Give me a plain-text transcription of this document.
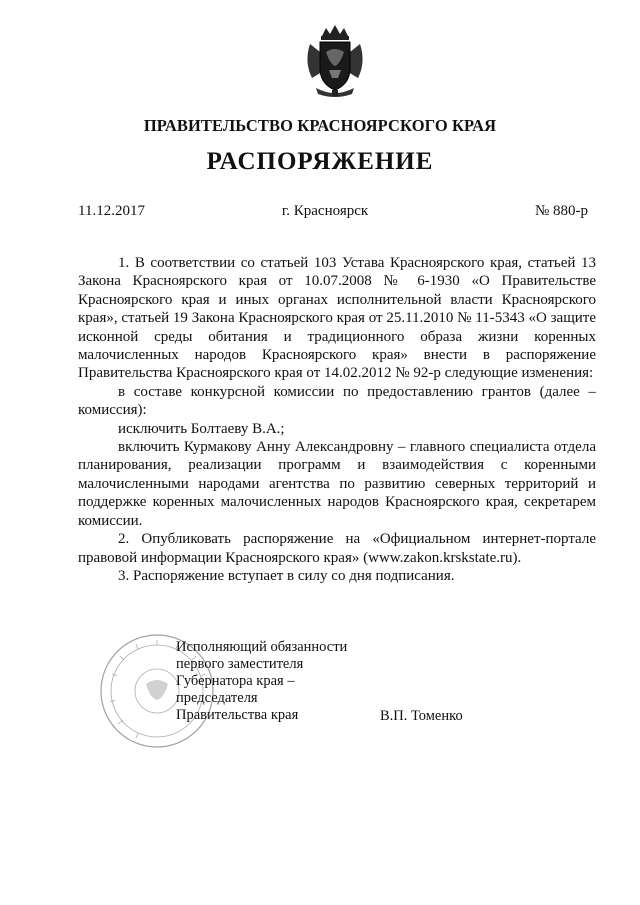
ПРАВИТЕЛЬСТВО КРАСНОЯРСКОГО КРАЯ
РАСПОРЯЖЕНИЕ
11.12.2017	г. Красноярск	№ 880-р

1. В соответствии со статьей 103 Устава Красноярского края, статьей 13 Закона Красноярского края от 10.07.2008 № 6-1930 «О Правительстве Красноярского края и иных органах исполнительной власти Красноярского края», статьей 19 Закона Красноярского края от 25.11.2010 № 11-5343 «О защите исконной среды обитания и традиционного образа жизни коренных малочисленных народов Красноярского края» внести в распоряжение Правительства Красноярского края от 14.02.2012 № 92-р следующие изменения:

в составе конкурсной комиссии по предоставлению грантов (далее – комиссия):

исключить Болтаеву В.А.;

включить Курмакову Анну Александровну – главного специалиста отдела планирования, реализации программ и взаимодействия с коренными малочисленными народами агентства по развитию северных территорий и поддержке коренных малочисленных народов Красноярского края, секретарем комиссии.

2. Опубликовать распоряжение на «Официальном интернет-портале правовой информации Красноярского края» (www.zakon.krskstate.ru).

3. Распоряжение вступает в силу со дня подписания.

Исполняющий обязанности
первого заместителя
Губернатора края –
председателя
Правительства края	В.П. Томенко
